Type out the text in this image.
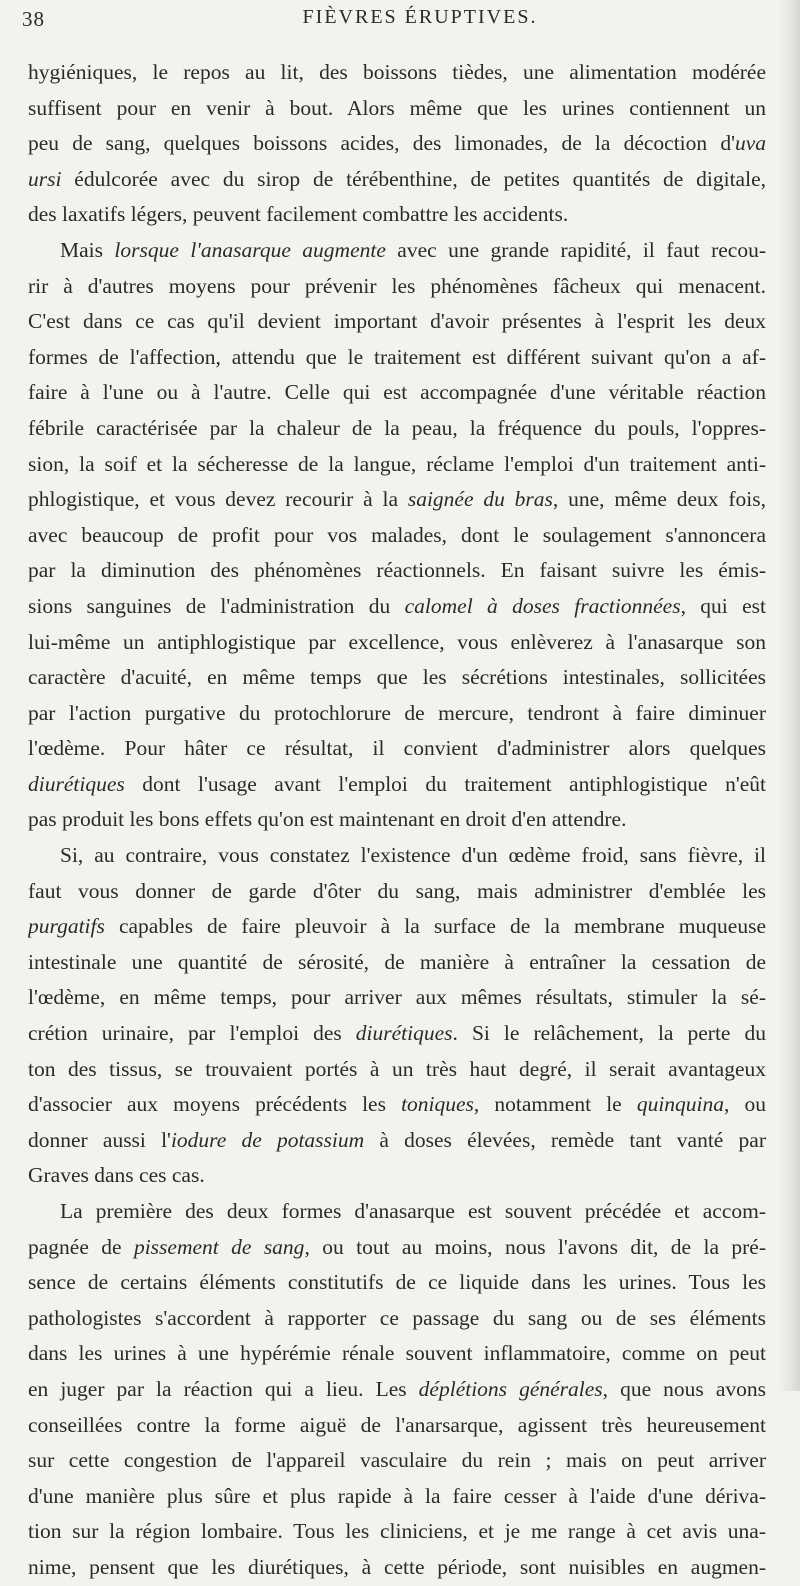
38	FIÈVRES ÉRUPTIVES.
hygiéniques, le repos au lit, des boissons tièdes, une alimentation modérée
suffisent pour en venir à bout. Alors même que les urines contiennent un
peu de sang, quelques boissons acides, des limonades, de la décoction d'uva
ursi édulcorée avec du sirop de térébenthine, de petites quantités de digitale,
des laxatifs légers, peuvent facilement combattre les accidents.
Mais lorsque l'anasarque augmente avec une grande rapidité, il faut recou-
rir à d'autres moyens pour prévenir les phénomènes fâcheux qui menacent.
C'est dans ce cas qu'il devient important d'avoir présentes à l'esprit les deux
formes de l'affection, attendu que le traitement est différent suivant qu'on a af-
faire à l'une ou à l'autre. Celle qui est accompagnée d'une véritable réaction
fébrile caractérisée par la chaleur de la peau, la fréquence du pouls, l'oppres-
sion, la soif et la sécheresse de la langue, réclame l'emploi d'un traitement anti-
phlogistique, et vous devez recourir à la saignée du bras, une, même deux fois,
avec beaucoup de profit pour vos malades, dont le soulagement s'annoncera
par la diminution des phénomènes réactionnels. En faisant suivre les émis-
sions sanguines de l'administration du calomel à doses fractionnées, qui est
lui-même un antiphlogistique par excellence, vous enlèverez à l'anasarque son
caractère d'acuité, en même temps que les sécrétions intestinales, sollicitées
par l'action purgative du protochlorure de mercure, tendront à faire diminuer
l'œdème. Pour hâter ce résultat, il convient d'administrer alors quelques
diurétiques dont l'usage avant l'emploi du traitement antiphlogistique n'eût
pas produit les bons effets qu'on est maintenant en droit d'en attendre.
Si, au contraire, vous constatez l'existence d'un œdème froid, sans fièvre, il
faut vous donner de garde d'ôter du sang, mais administrer d'emblée les
purgatifs capables de faire pleuvoir à la surface de la membrane muqueuse
intestinale une quantité de sérosité, de manière à entraîner la cessation de
l'œdème, en même temps, pour arriver aux mêmes résultats, stimuler la sé-
crétion urinaire, par l'emploi des diurétiques. Si le relâchement, la perte du
ton des tissus, se trouvaient portés à un très haut degré, il serait avantageux
d'associer aux moyens précédents les toniques, notamment le quinquina, ou
donner aussi l'iodure de potassium à doses élevées, remède tant vanté par
Graves dans ces cas.
La première des deux formes d'anasarque est souvent précédée et accom-
pagnée de pissement de sang, ou tout au moins, nous l'avons dit, de la pré-
sence de certains éléments constitutifs de ce liquide dans les urines. Tous les
pathologistes s'accordent à rapporter ce passage du sang ou de ses éléments
dans les urines à une hypérémie rénale souvent inflammatoire, comme on peut
en juger par la réaction qui a lieu. Les déplétions générales, que nous avons
conseillées contre la forme aiguë de l'anarsarque, agissent très heureusement
sur cette congestion de l'appareil vasculaire du rein ; mais on peut arriver
d'une manière plus sûre et plus rapide à la faire cesser à l'aide d'une dériva-
tion sur la région lombaire. Tous les cliniciens, et je me range à cet avis una-
nime, pensent que les diurétiques, à cette période, sont nuisibles en augmen-
